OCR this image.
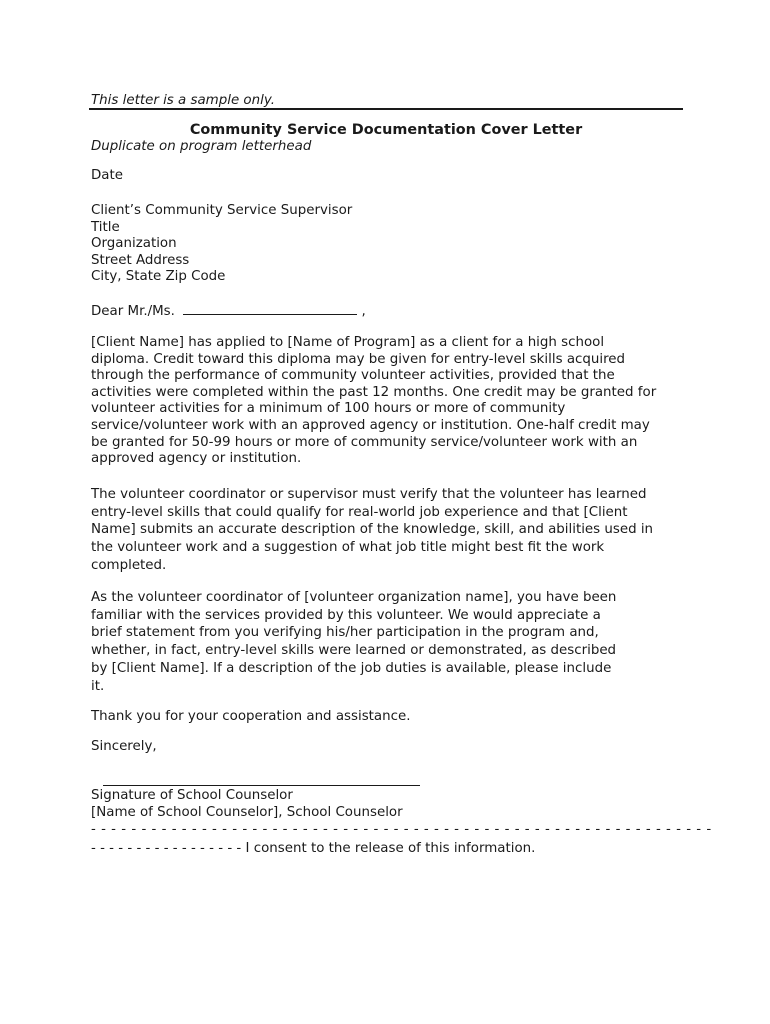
This letter is a sample only.
Community Service Documentation Cover Letter
Duplicate on program letterhead
Date
Client’s Community Service Supervisor
Title
Organization
Street Address
City, State Zip Code
Dear Mr./Ms.	,
[Client Name] has applied to [Name of Program] as a client for a high school
diploma. Credit toward this diploma may be given for entry-level skills acquired
through the performance of community volunteer activities, provided that the
activities were completed within the past 12 months. One credit may be granted for
volunteer activities for a minimum of 100 hours or more of community
service/volunteer work with an approved agency or institution. One-half credit may
be granted for 50-99 hours or more of community service/volunteer work with an
approved agency or institution.
The volunteer coordinator or supervisor must verify that the volunteer has learned
entry-level skills that could qualify for real-world job experience and that [Client
Name] submits an accurate description of the knowledge, skill, and abilities used in
the volunteer work and a suggestion of what job title might best fit the work
completed.
As the volunteer coordinator of [volunteer organization name], you have been
familiar with the services provided by this volunteer. We would appreciate a
brief statement from you verifying his/her participation in the program and,
whether, in fact, entry-level skills were learned or demonstrated, as described
by [Client Name]. If a description of the job duties is available, please include
it.
Thank you for your cooperation and assistance.
Sincerely,
Signature of School Counselor
[Name of School Counselor], School Counselor
- - - - - - - - - - - - - - - - - - - - - - - - - - - - - - - - - - - - - - - - - - - - - - - - - - - - - - - - - - - - - -
- - - - - - - - - - - - - - - - - I consent to the release of this information.
